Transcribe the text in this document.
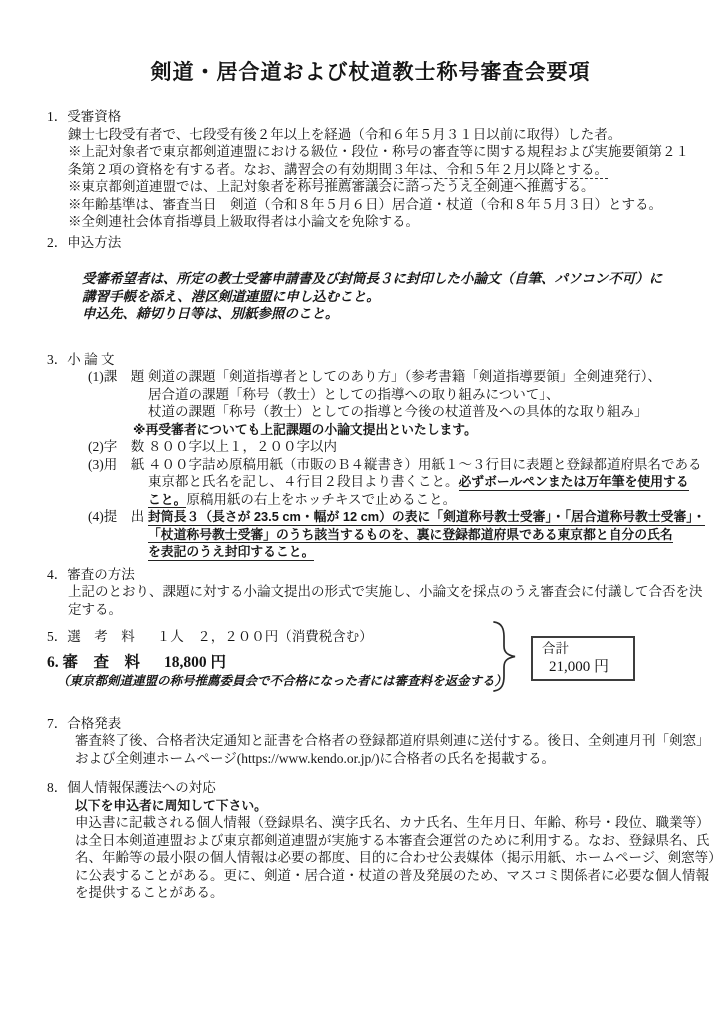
剣道・居合道および杖道教士称号審査会要項
1．受審資格
錬士七段受有者で、七段受有後２年以上を経過（令和６年５月３１日以前に取得）した者。
※上記対象者で東京都剣道連盟における級位・段位・称号の審査等に関する規程および実施要領第２１
条第２項の資格を有する者。なお、講習会の有効期間３年は、令和５年２月以降とする。
※東京都剣道連盟では、上記対象者を称号推薦審議会に諮ったうえ全剣連へ推薦する。
※年齢基準は、審査当日　剣道（令和８年５月６日）居合道・杖道（令和８年５月３日）とする。
※全剣連社会体育指導員上級取得者は小論文を免除する。
2．申込方法
受審希望者は、所定の教士受審申請書及び封筒長３に封印した小論文（自筆、パソコン不可）に
講習手帳を添え、港区剣道連盟に申し込むこと。
申込先、締切り日等は、別紙参照のこと。
3．小 論 文
(1)課　題 剣道の課題「剣道指導者としてのあり方」（参考書籍「剣道指導要領」全剣連発行）、
居合道の課題「称号（教士）としての指導への取り組みについて」、
杖道の課題「称号（教士）としての指導と今後の杖道普及への具体的な取り組み」
※再受審者についても上記課題の小論文提出といたします。
(2)字　数 ８００字以上１，２００字以内
(3)用　紙 ４００字詰め原稿用紙（市販のＢ４縦書き）用紙１～３行目に表題と登録都道府県名である
東京都と氏名を記し、４行目２段目より書くこと。必ずボールペンまたは万年筆を使用する
こと。原稿用紙の右上をホッチキスで止めること。
(4)提　出 封筒長３（長さが 23.5 cm・幅が 12 cm）の表に「剣道称号教士受審」・「居合道称号教士受審」・
「杖道称号教士受審」のうち該当するものを、裏に登録都道府県である東京都と自分の氏名
を表記のうえ封印すること。
4．審査の方法
上記のとおり、課題に対する小論文提出の形式で実施し、小論文を採点のうえ審査会に付議して合否を決
定する。
5．選　考　料 １人　２，２００円（消費税含む）
6. 審　査　料 18,800 円
（東京都剣道連盟の称号推薦委員会で不合格になった者には審査料を返金する）
合計
21,000 円
7．合格発表
審査終了後、合格者決定通知と証書を合格者の登録都道府県剣連に送付する。後日、全剣連月刊「剣窓」
および全剣連ホームページ(https://www.kendo.or.jp/)に合格者の氏名を掲載する。
8．個人情報保護法への対応
以下を申込者に周知して下さい。
申込書に記載される個人情報（登録県名、漢字氏名、カナ氏名、生年月日、年齢、称号・段位、職業等）
は全日本剣道連盟および東京都剣道連盟が実施する本審査会運営のために利用する。なお、登録県名、氏
名、年齢等の最小限の個人情報は必要の都度、目的に合わせ公表媒体（掲示用紙、ホームページ、剣窓等）
に公表することがある。更に、剣道・居合道・杖道の普及発展のため、マスコミ関係者に必要な個人情報
を提供することがある。
